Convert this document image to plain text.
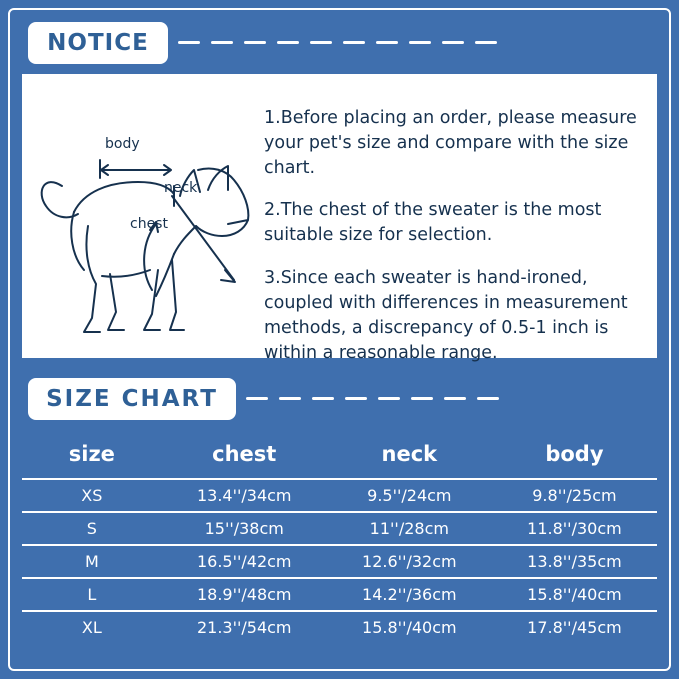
NOTICE
body
neck
chest

1.Before placing an order, please measure your pet's size and compare with the size chart.

2.The chest of the sweater is the most suitable size for selection.

3.Since each sweater is hand-ironed, coupled with differences in measurement methods, a discrepancy of 0.5-1 inch is within a reasonable range.

SIZE CHART
size	chest	neck	body
XS	13.4''/34cm	9.5''/24cm	9.8''/25cm
S	15''/38cm	11''/28cm	11.8''/30cm
M	16.5''/42cm	12.6''/32cm	13.8''/35cm
L	18.9''/48cm	14.2''/36cm	15.8''/40cm
XL	21.3''/54cm	15.8''/40cm	17.8''/45cm
